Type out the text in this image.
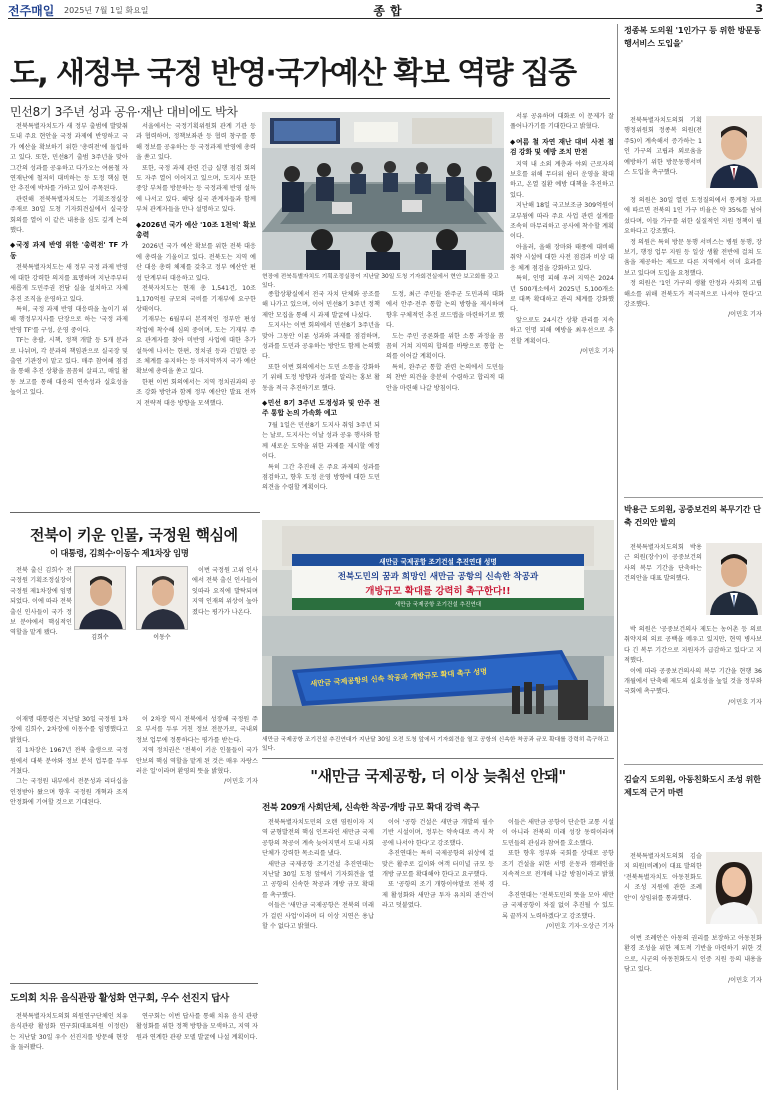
전주매일 2025년 7월 1일 화요일	종합	3
도, 새정부 국정 반영·국가예산 확보 역량 집중
민선8기 3주년 성과 공유·재난 대비에도 박차

전북특별자치도가 새 정부 출범에 발맞춰 도내 주요 현안을 국정 과제에 반영하고 국가 예산을 확보하기 위한 '총력전'에 돌입하고 있다. 또한, 민선8기 출범 3주년을 맞아 그간의 성과를 공유하고 다가오는 여름철 자연재난에 철저히 대비하는 등 도정 핵심 현안 추진에 박차를 가하고 있어 주목된다.

관련해 전북특별자치도는 기획조정실장 주재로 30일 도청 기자회견실에서 실국장 회의를 열어 이 같은 내용을 심도 깊게 논의했다.

◆국정 과제 반영 위한 '총력전' TF 가동

전북특별자치도는 새 정부 국정 과제 반영에 대한 강력한 의지를 표명하며 지난주부터 새롭게 도민주권 전담 실을 설치하고 자체 추진 조직을 운영하고 있다.

특히, 국정 과제 반영 대응력을 높이기 위해 행정부지사를 단장으로 하는 '국정 과제 반영 TF'를 구성, 운영 중이다.

TF는 총괄, 시책, 정책 개발 등 5개 분과로 나뉘며, 각 분과의 책임관으로 실국장 및 출연 기관장이 맡고 있다. 매주 참여해 점검을 통해 추진 상황을 꼼꼼히 살피고, 매일 활동 보고를 통해 대응의 연속성과 실효성을 높이고 있다.

서울에서는 국정기획위원회 관계 기관 등과 협력하며, 정책보좌관 등 협력 창구를 통해 정보를 공유하는 등 국정과제 반영에 총력을 쏟고 있다.

또한, 국정 과제 관련 긴급 실행 점검 회의도 자주 열어 이어지고 있으며, 도지사 또한 중앙 부처를 방문하는 등 국정과제 반영 설득에 나서고 있다. 해당 실국 관계자들과 함께 부처 관계자들을 만나 설명하고 있다.

◆2026년 국가 예산 '10조 1천억' 확보 총력

2026년 국가 예산 확보를 위한 전북 대응에 총력을 기울이고 있다. 전북도는 지역 예산 대응 총력 체제를 갖추고 정부 예산안 편성 단계부터 대응하고 있다.

전북자치도는 현재 총 1,541건, 10조 1,170억원 규모의 국비를 기재부에 요구한 상태이다.

기재부는 6월부터 본격적인 정부안 편성 작업에 착수해 심의 중이며, 도는 기재부 주요 관계자를 찾아 미반영 사업에 대한 추가 설득에 나서는 한편, 정치권 등과 긴밀한 공조 체계를 유지하는 등 마지막까지 국가 예산 확보에 총력을 쏟고 있다.

한편 이번 회의에서는 지역 정치권과의 공조 강화 방안과 함께 정부 예산안 발표 전까지 전략적 대응 방향을 모색했다.

현장에 전북특별자치도 기획조정실장이 지난달 30일 도청 기자회견실에서 현안 보고회를 갖고 있다.

종합상황실에서 전국 자치 단체와 공조를 해 나가고 있으며, 이어 민선8기 3주년 정책 제안 모집을 통해 시 과제 발굴에 나섰다.

도지사는 이번 회의에서 민선8기 3주년을 맞아 그동안 이룬 성과와 과제를 점검하며, 성과를 도민과 공유하는 방안도 함께 논의했다.

또한 이번 회의에서는 도민 소통을 강화하기 위해 도정 방향과 성과를 알리는 홍보 활동을 적극 추진하기로 했다.

◆민선 8기 3주년 도정성과 및 안주 전주 통합 논의 가속화 예고

7월 1일은 민선8기 도지사 취임 3주년 되는 날로, 도지사는 이날 성과 공유 행사와 함께 새로운 도약을 위한 과제를 제시할 예정이다.

특히 그간 추진해 온 주요 과제의 성과를 점검하고, 향후 도정 운영 방향에 대한 도민 의견을 수렴할 계획이다.

도정, 최근 주민들 완주군 도민과의 대화에서 안주·전주 통합 논의 방향을 제시하며 향후 구체적인 추진 로드맵을 마련하기로 했다.

도는 주민 공론화를 위한 소통 과정을 꼼꼼히 거쳐 지역의 합의를 바탕으로 통합 논의를 이어갈 계획이다.

특히, 완주군 통합 관련 논의에서 도민들의 찬반 의견을 충분히 수렴하고 합리적 대안을 마련해 나갈 방침이다.

서류 공유하며 대화로 이 문제가 잘 풀어나가기를 기대한다고 밝혔다.

◆여름 철 자연 재난 대비 사전 점검 강화 및 예방 조치 만전

지역 내 소외 계층과 야외 근로자의 보호를 위해 무더위 쉼터 운영을 확대하고, 온열 질환 예방 대책을 추진하고 있다.

지난해 18일 국고보조금 309억원이 교부됨에 따라 주요 사업 관련 설계를 조속히 마무리하고 공사에 착수할 계획이다.

아울러, 올해 장마와 태풍에 대비해 취약 시설에 대한 사전 점검과 비상 대응 체계 점검을 강화하고 있다.

특히, 인명 피해 우려 지역은 2024년 500개소에서 2025년 5,100개소로 대폭 확대하고 관리 체계를 강화했다.

앞으로도 24시간 상황 관리를 지속하고 인명 피해 예방을 최우선으로 추진할 계획이다.

/이민호 기자

정종복 도의원 '1인가구 등 위한 방문동행서비스 도입을'

전북특별자치도의회 기획행정위원회 정종복 의원(전주5)이 계속해서 증가하는 1인 가구의 고립과 외로움을 예방하기 위한 방문동행서비스 도입을 촉구했다.

정 의원은 30일 열린 도정질의에서 통계청 자료에 따르면 전북의 1인 가구 비율은 약 35%를 넘어섰다며, 이들 가구를 위한 실질적인 지원 정책이 필요하다고 강조했다.

정 의원은 특히 방문 동행 서비스는 병원 동행, 장보기, 행정 업무 지원 등 일상 생활 전반에 걸쳐 도움을 제공하는 제도로 다른 지역에서 이미 효과를 보고 있다며 도입을 요청했다.

정 의원은 '1인 가구의 생활 안정과 사회적 고립 해소를 위해 전북도가 적극적으로 나서야 한다'고 강조했다.

/이민호 기자

박용근 도의원, 공중보건의 복무기간 단축 건의안 발의

전북특별자치도의회 박용근 의원(장수)이 공중보건의사의 복무 기간을 단축하는 건의안을 대표 발의했다.

박 의원은 '공중보건의사 제도는 농어촌 등 의료 취약지의 의료 공백을 메우고 있지만, 현역 병사보다 긴 복무 기간으로 지원자가 급감하고 있다'고 지적했다.

이에 따라 공중보건의사의 복무 기간을 현행 36개월에서 단축해 제도의 실효성을 높일 것을 정부와 국회에 촉구했다.

/이민호 기자

김슬지 도의원, 아동친화도시 조성 위한 제도적 근거 마련

전북특별자치도의회 김슬지 의원(비례)이 대표 발의한 '전북특별자치도 아동친화도시 조성 지원에 관한 조례안'이 상임위를 통과했다.

이번 조례안은 아동의 권리를 보장하고 아동친화 환경 조성을 위한 제도적 기반을 마련하기 위한 것으로, 시군의 아동친화도시 인증 지원 등의 내용을 담고 있다.

/이민호 기자

전북이 키운 인물, 국정원 핵심에
이 대통령, 김희수·이동수 제1차장 임명

전북 출신 김희수 전 국정원 기획조정실장이 국정원 제1차장에 임명되었다. 이에 따라 전북 출신 인사들이 국가 정보 분야에서 핵심적인 역할을 맡게 됐다.

김희수	이동수

이번 국정원 고위 인사에서 전북 출신 인사들이 잇따라 요직에 발탁되며 지역 인재의 위상이 높아졌다는 평가가 나온다.

이재명 대통령은 지난달 30일 국정원 1차장에 김희수, 2차장에 이동수를 임명했다고 밝혔다.

김 1차장은 1967년 전북 출생으로 국정원에서 대북 분야와 정보 분석 업무를 두루 거쳤다.

그는 국정원 내부에서 전문성과 리더십을 인정받아 왔으며 향후 국정원 개혁과 조직 안정화에 기여할 것으로 기대된다.

이 2차장 역시 전북에서 성장해 국정원 주요 부서를 두루 거친 정보 전문가로, 국내외 정보 업무에 정통하다는 평가를 받는다.

지역 정치권은 '전북이 키운 인물들이 국가 안보의 핵심 역할을 맡게 된 것은 매우 자랑스러운 일'이라며 환영의 뜻을 밝혔다.

/이민호 기자

새만금 국제공항 조기건설 추진연대 성명
전북도민의 꿈과 희망인 새만금 공항의 신속한 착공과
개방규모 확대를 강력히 촉구한다!!
새만금 국제공항 조기건설 추진연대
새만금 국제공항의 신속 착공과 개방규모 확대 촉구 성명
새만금 국제공항 조기건설 추진연대가 지난달 30일 오전 도청 앞에서 기자회견을 열고 공항의 신속한 착공과 규모 확대를 강력히 촉구하고 있다.
"새만금 국제공항, 더 이상 늦춰선 안돼"
전북 209개 사회단체, 신속한 착공·개방 규모 확대 강력 촉구

전북특별자치도민의 오랜 염원이자 지역 균형발전의 핵심 인프라인 새만금 국제공항의 착공이 계속 늦어지면서 도내 사회단체가 강력한 목소리를 냈다.

새만금 국제공항 조기건설 추진연대는 지난달 30일 도청 앞에서 기자회견을 열고 공항의 신속한 착공과 개방 규모 확대를 촉구했다.

이들은 '새만금 국제공항은 전북의 미래가 걸린 사업'이라며 더 이상 지연은 용납할 수 없다고 밝혔다.

이어 '공항 건설은 새만금 개발의 필수 기반 시설이며, 정부는 약속대로 즉시 착공에 나서야 한다'고 강조했다.

추진연대는 특히 국제공항의 위상에 걸맞은 활주로 길이와 여객 터미널 규모 등 개방 규모를 확대해야 한다고 요구했다.

또 '공항의 조기 개항이야말로 전북 경제 활성화와 새만금 투자 유치의 관건'이라고 덧붙였다.

이들은 새만금 공항이 단순한 교통 시설이 아니라 전북의 미래 성장 동력이라며 도민들의 관심과 참여를 호소했다.

또한 향후 정부와 국회를 상대로 공항 조기 건설을 위한 서명 운동과 캠페인을 지속적으로 전개해 나갈 방침이라고 밝혔다.

추진연대는 '전북도민의 뜻을 모아 새만금 국제공항이 차질 없이 추진될 수 있도록 끝까지 노력하겠다'고 강조했다.

/이민호 기자·오상근 기자

도의회 치유 음식관광 활성화 연구회, 우수 선진지 답사

전북특별자치도의회 의원연구단체인 치유 음식관광 활성화 연구회(대표의원 이정린)는 지난달 30일 우수 선진지를 방문해 현장을 둘러봤다.

연구회는 이번 답사를 통해 치유 음식 관광 활성화를 위한 정책 방향을 모색하고, 지역 자원과 연계한 관광 모델 발굴에 나설 계획이다.
